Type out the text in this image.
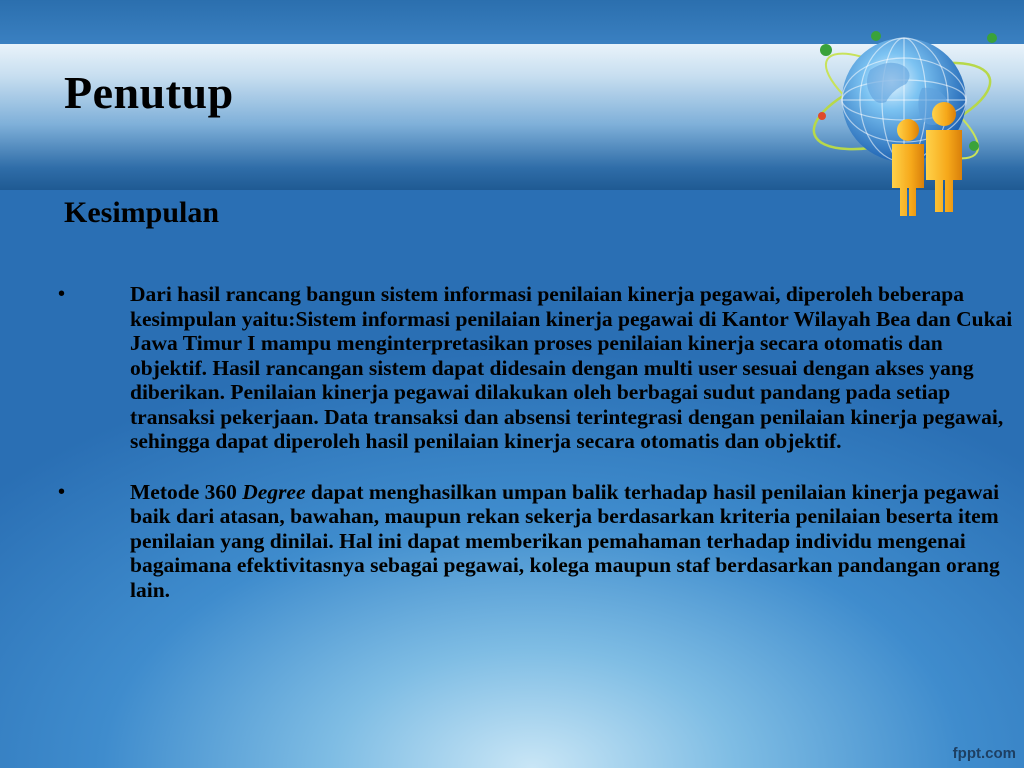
Penutup
Kesimpulan
•	Dari hasil rancang bangun sistem informasi penilaian kinerja pegawai, diperoleh beberapa kesimpulan yaitu:Sistem informasi penilaian kinerja pegawai di Kantor Wilayah Bea dan Cukai Jawa Timur I mampu menginterpretasikan proses penilaian kinerja secara otomatis dan objektif. Hasil rancangan sistem dapat didesain dengan multi user sesuai dengan akses yang diberikan. Penilaian kinerja pegawai dilakukan oleh berbagai sudut pandang pada setiap transaksi pekerjaan. Data transaksi dan absensi terintegrasi dengan penilaian kinerja pegawai, sehingga dapat diperoleh hasil penilaian kinerja secara otomatis dan objektif.
•	Metode 360 Degree dapat menghasilkan umpan balik terhadap hasil penilaian kinerja pegawai baik dari atasan, bawahan, maupun rekan sekerja berdasarkan kriteria penilaian beserta item penilaian yang dinilai. Hal ini dapat memberikan pemahaman terhadap individu mengenai bagaimana efektivitasnya sebagai pegawai, kolega maupun staf berdasarkan pandangan orang lain.
fppt.com
